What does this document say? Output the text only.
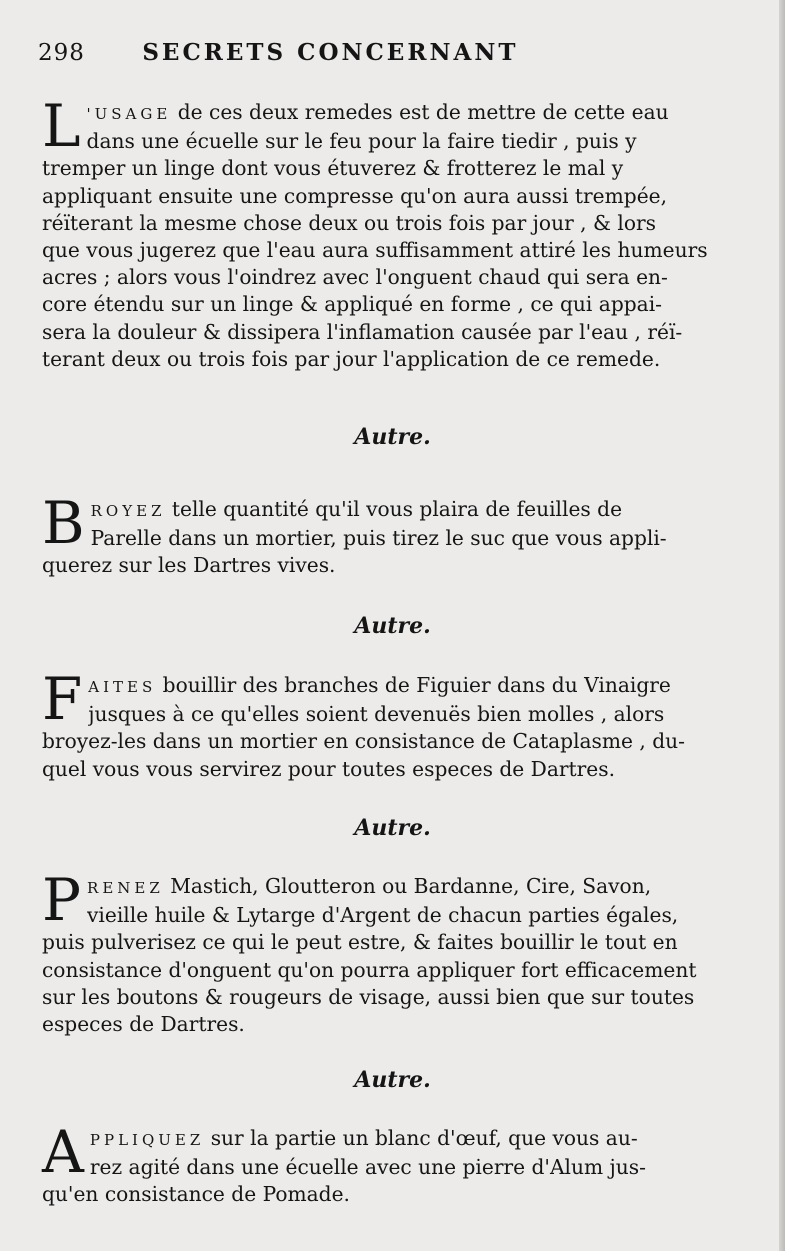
298 SECRETS CONCERNANT
L 'USAGE de ces deux remedes est de mettre de cette eau
dans une écuelle sur le feu pour la faire tiedir , puis y
tremper un linge dont vous étuverez & frotterez le mal y
appliquant ensuite une compresse qu'on aura aussi trempée,
réïterant la mesme chose deux ou trois fois par jour , & lors
que vous jugerez que l'eau aura suffisamment attiré les humeurs
acres ; alors vous l'oindrez avec l'onguent chaud qui sera en-
core étendu sur un linge & appliqué en forme , ce qui appai-
sera la douleur & dissipera l'inflamation causée par l'eau , réï-
terant deux ou trois fois par jour l'application de ce remede.
Autre.
B ROYEZ telle quantité qu'il vous plaira de feuilles de
Parelle dans un mortier, puis tirez le suc que vous appli-
querez sur les Dartres vives.
Autre.
F AITES bouillir des branches de Figuier dans du Vinaigre
jusques à ce qu'elles soient devenuës bien molles , alors
broyez-les dans un mortier en consistance de Cataplasme , du-
quel vous vous servirez pour toutes especes de Dartres.
Autre.
P RENEZ Mastich, Gloutteron ou Bardanne, Cire, Savon,
vieille huile & Lytarge d'Argent de chacun parties égales,
puis pulverisez ce qui le peut estre, & faites bouillir le tout en
consistance d'onguent qu'on pourra appliquer fort efficacement
sur les boutons & rougeurs de visage, aussi bien que sur toutes
especes de Dartres.
Autre.
A PPLIQUEZ sur la partie un blanc d'œuf, que vous au-
rez agité dans une écuelle avec une pierre d'Alum jus-
qu'en consistance de Pomade.
